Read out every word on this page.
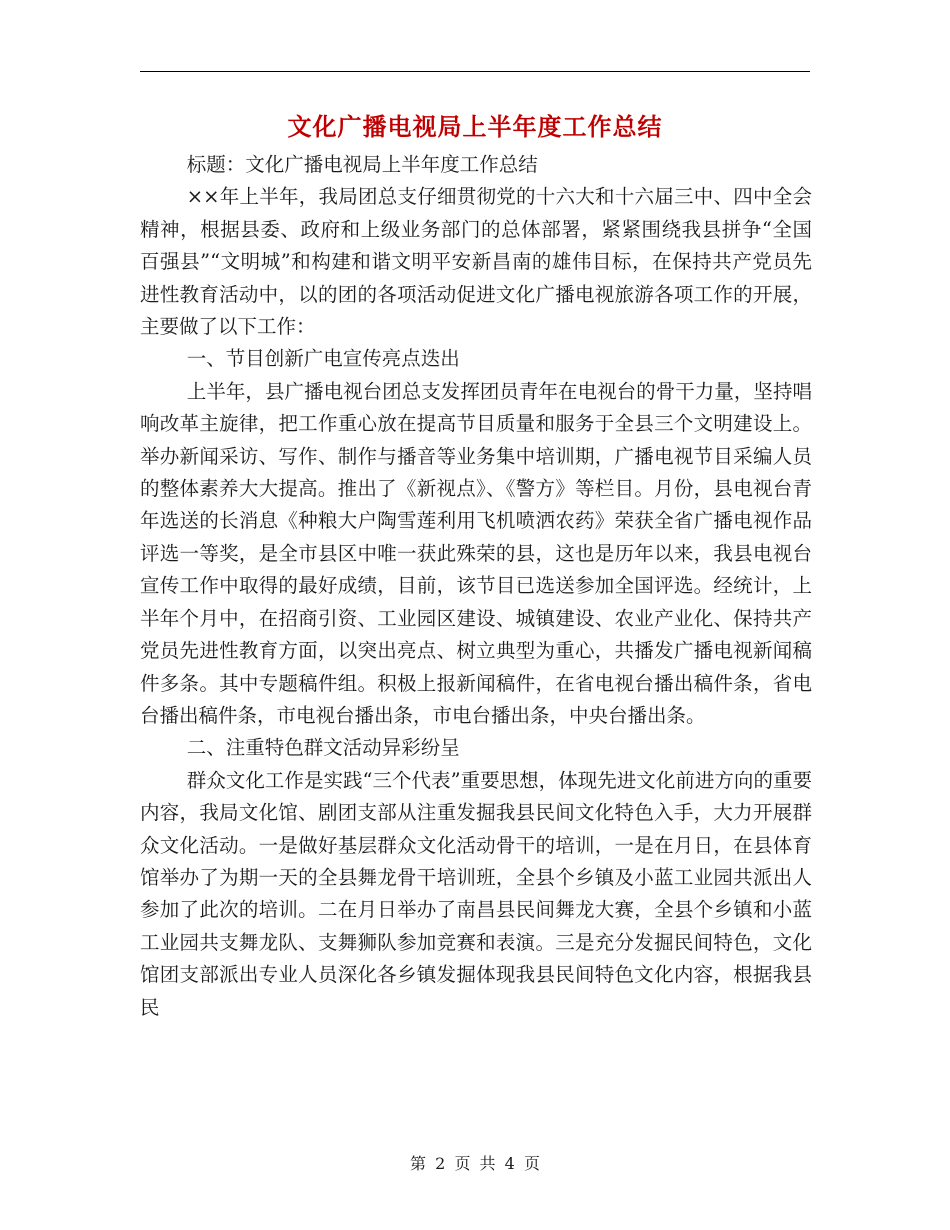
文化广播电视局上半年度工作总结

标题：文化广播电视局上半年度工作总结

××年上半年，我局团总支仔细贯彻党的十六大和十六届三中、四中全会精神，根据县委、政府和上级业务部门的总体部署，紧紧围绕我县拼争“全国百强县”“文明城”和构建和谐文明平安新昌南的雄伟目标，在保持共产党员先进性教育活动中，以的团的各项活动促进文化广播电视旅游各项工作的开展，主要做了以下工作：

一、节目创新广电宣传亮点迭出

上半年，县广播电视台团总支发挥团员青年在电视台的骨干力量，坚持唱响改革主旋律，把工作重心放在提高节目质量和服务于全县三个文明建设上。举办新闻采访、写作、制作与播音等业务集中培训期，广播电视节目采编人员的整体素养大大提高。推出了《新视点》、《警方》等栏目。月份，县电视台青年选送的长消息《种粮大户陶雪莲利用飞机喷洒农药》荣获全省广播电视作品评选一等奖，是全市县区中唯一获此殊荣的县，这也是历年以来，我县电视台宣传工作中取得的最好成绩，目前，该节目已选送参加全国评选。经统计，上半年个月中，在招商引资、工业园区建设、城镇建设、农业产业化、保持共产党员先进性教育方面，以突出亮点、树立典型为重心，共播发广播电视新闻稿件多条。其中专题稿件组。积极上报新闻稿件，在省电视台播出稿件条，省电台播出稿件条，市电视台播出条，市电台播出条，中央台播出条。

二、注重特色群文活动异彩纷呈

群众文化工作是实践“三个代表”重要思想，体现先进文化前进方向的重要内容，我局文化馆、剧团支部从注重发掘我县民间文化特色入手，大力开展群众文化活动。一是做好基层群众文化活动骨干的培训，一是在月日，在县体育馆举办了为期一天的全县舞龙骨干培训班，全县个乡镇及小蓝工业园共派出人参加了此次的培训。二在月日举办了南昌县民间舞龙大赛，全县个乡镇和小蓝工业园共支舞龙队、支舞狮队参加竞赛和表演。三是充分发掘民间特色，文化馆团支部派出专业人员深化各乡镇发掘体现我县民间特色文化内容，根据我县民

第 2 页 共 4 页
